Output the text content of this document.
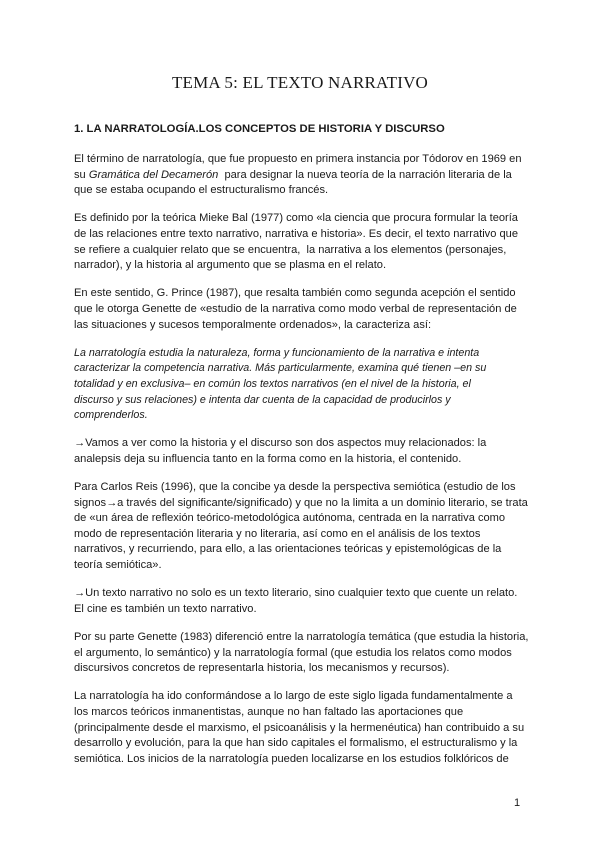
TEMA 5: EL TEXTO NARRATIVO
1. LA NARRATOLOGÍA.LOS CONCEPTOS DE HISTORIA Y DISCURSO

El término de narratología, que fue propuesto en primera instancia por Tódorov en 1969 en
su Gramática del Decamerón  para designar la nueva teoría de la narración literaria de la
que se estaba ocupando el estructuralismo francés.

Es definido por la teórica Mieke Bal (1977) como «la ciencia que procura formular la teoría
de las relaciones entre texto narrativo, narrativa e historia». Es decir, el texto narrativo que
se refiere a cualquier relato que se encuentra,  la narrativa a los elementos (personajes,
narrador), y la historia al argumento que se plasma en el relato.

En este sentido, G. Prince (1987), que resalta también como segunda acepción el sentido
que le otorga Genette de «estudio de la narrativa como modo verbal de representación de
las situaciones y sucesos temporalmente ordenados», la caracteriza así:

La narratología estudia la naturaleza, forma y funcionamiento de la narrativa e intenta
caracterizar la competencia narrativa. Más particularmente, examina qué tienen –en su
totalidad y en exclusiva– en común los textos narrativos (en el nivel de la historia, el
discurso y sus relaciones) e intenta dar cuenta de la capacidad de producirlos y
comprenderlos.

→Vamos a ver como la historia y el discurso son dos aspectos muy relacionados: la
analepsis deja su influencia tanto en la forma como en la historia, el contenido.

Para Carlos Reis (1996), que la concibe ya desde la perspectiva semiótica (estudio de los
signos→a través del significante/significado) y que no la limita a un dominio literario, se trata
de «un área de reflexión teórico-metodológica autónoma, centrada en la narrativa como
modo de representación literaria y no literaria, así como en el análisis de los textos
narrativos, y recurriendo, para ello, a las orientaciones teóricas y epistemológicas de la
teoría semiótica».

→Un texto narrativo no solo es un texto literario, sino cualquier texto que cuente un relato.
El cine es también un texto narrativo.

Por su parte Genette (1983) diferenció entre la narratología temática (que estudia la historia,
el argumento, lo semántico) y la narratología formal (que estudia los relatos como modos
discursivos concretos de representarla historia, los mecanismos y recursos).

La narratología ha ido conformándose a lo largo de este siglo ligada fundamentalmente a
los marcos teóricos inmanentistas, aunque no han faltado las aportaciones que
(principalmente desde el marxismo, el psicoanálisis y la hermenéutica) han contribuido a su
desarrollo y evolución, para la que han sido capitales el formalismo, el estructuralismo y la
semiótica. Los inicios de la narratología pueden localizarse en los estudios folklóricos de

1
